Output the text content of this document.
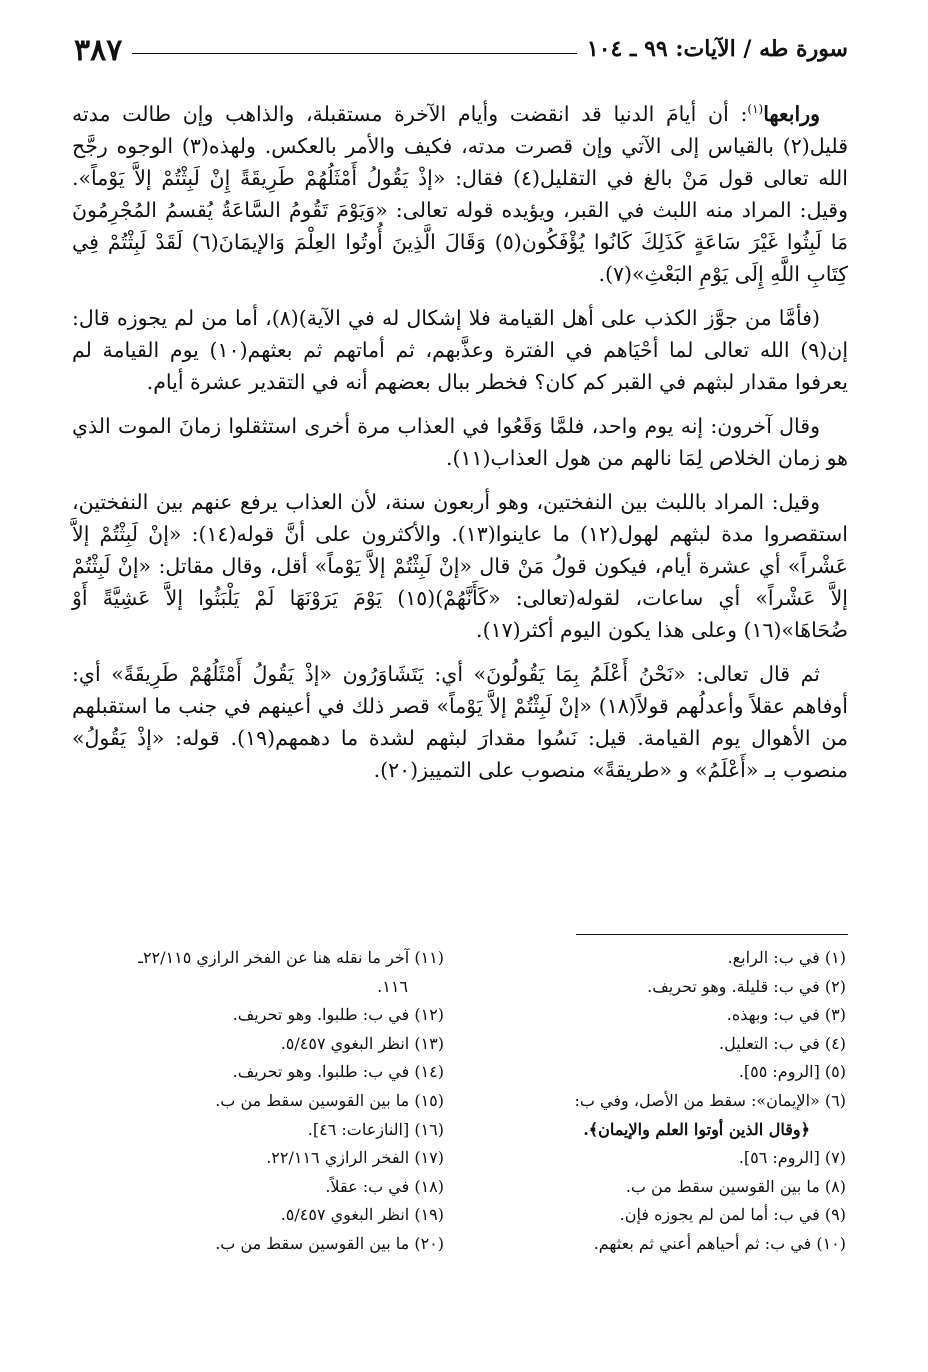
سورة طه / الآيات: ٩٩ ـ ١٠٤
٣٨٧

ورابعها$^{(١)}$: أن أيامَ الدنيا قد انقضت وأيام الآخرة مستقبلة، والذاهب وإن طالت مدته قليل(٢) بالقياس إلى الآتي وإن قصرت مدته، فكيف والأمر بالعكس. ولهذه(٣) الوجوه رجَّح الله تعالى قول مَنْ بالغ في التقليل(٤) فقال: «إذْ يَقُولُ أَمْثَلُهُمْ طَرِيقَةً إِنْ لَبِثْتُمْ إلاَّ يَوْماً». وقيل: المراد منه اللبث في القبر، ويؤيده قوله تعالى: «وَيَوْمَ تَقُومُ السَّاعَةُ يُقسمُ المُجْرِمُونَ مَا لَبِثُوا غَيْرَ سَاعَةٍ كَذَلِكَ كَانُوا يُؤْفَكُون(٥) وَقَالَ الَّذِينَ أُوتُوا العِلْمَ وَالإيمَانَ(٦) لَقَدْ لَبِثْتُمْ فِي كِتَابِ اللَّهِ إِلَى يَوْمِ البَعْثِ»(٧).

(فأمَّا من جوَّز الكذب على أهل القيامة فلا إشكال له في الآية)(٨)، أما من لم يجوزه قال: إن(٩) الله تعالى لما أحْيَاهم في الفترة وعذَّبهم، ثم أماتهم ثم بعثهم(١٠) يوم القيامة لم يعرفوا مقدار لبثهم في القبر كم كان؟ فخطر ببال بعضهم أنه في التقدير عشرة أيام.

وقال آخرون: إنه يوم واحد، فلمَّا وَقَعُوا في العذاب مرة أخرى استثقلوا زمانَ الموت الذي هو زمان الخلاص لِمَا نالهم من هول العذاب(١١).

وقيل: المراد باللبث بين النفختين، وهو أربعون سنة، لأن العذاب يرفع عنهم بين النفختين، استقصروا مدة لبثهم لهول(١٢) ما عاينوا(١٣). والأكثرون على أنَّ قوله(١٤): «إنْ لَبِثْتُمْ إلاَّ عَشْراً» أي عشرة أيام، فيكون قولُ مَنْ قال «إنْ لَبِثْتُمْ إلاَّ يَوْماً» أقل، وقال مقاتل: «إنْ لَبِثْتُمْ إلاَّ عَشْراً» أي ساعات، لقوله(تعالى: «كَأَنَّهُمْ)(١٥) يَوْمَ يَرَوْنَهَا لَمْ يَلْبَثُوا إلاَّ عَشِيَّةً أَوْ ضُحَاهَا»(١٦) وعلى هذا يكون اليوم أكثر(١٧).

ثم قال تعالى: «نَحْنُ أَعْلَمُ بِمَا يَقُولُونَ» أي: يَتَشَاوَرُون «إذْ يَقُولُ أَمْثَلُهُمْ طَرِيقَةً» أي: أوفاهم عقلاً وأعدلُهم قولاً(١٨) «إنْ لَبِثْتُمْ إلاَّ يَوْماً» قصر ذلك في أعينهم في جنب ما استقبلهم من الأهوال يوم القيامة. قيل: نَسُوا مقدارَ لبثهم لشدة ما دهمهم(١٩). قوله: «إذْ يَقُولُ» منصوب بـ «أَعْلَمُ» و «طريقةً» منصوب على التمييز(٢٠).

(١) في ب: الرابع.

(٢) في ب: قليلة. وهو تحريف.

(٣) في ب: وبهذه.

(٤) في ب: التعليل.

(٥) [الروم: ٥٥].

(٦) «الإيمان»: سقط من الأصل، وفي ب:

﴿وقال الذين أوتوا العلم والإيمان﴾.

(٧) [الروم: ٥٦].

(٨) ما بين القوسين سقط من ب.

(٩) في ب: أما لمن لم يجوزه فإن.

(١٠) في ب: ثم أحياهم أعني ثم بعثهم.

(١١) آخر ما نقله هنا عن الفخر الرازي ٢٢/١١٥ـ

١١٦.

(١٢) في ب: طلبوا. وهو تحريف.

(١٣) انظر البغوي ٥/٤٥٧.

(١٤) في ب: طلبوا. وهو تحريف.

(١٥) ما بين القوسين سقط من ب.

(١٦) [النازعات: ٤٦].

(١٧) الفخر الرازي ٢٢/١١٦.

(١٨) في ب: عقلاً.

(١٩) انظر البغوي ٥/٤٥٧.

(٢٠) ما بين القوسين سقط من ب.
